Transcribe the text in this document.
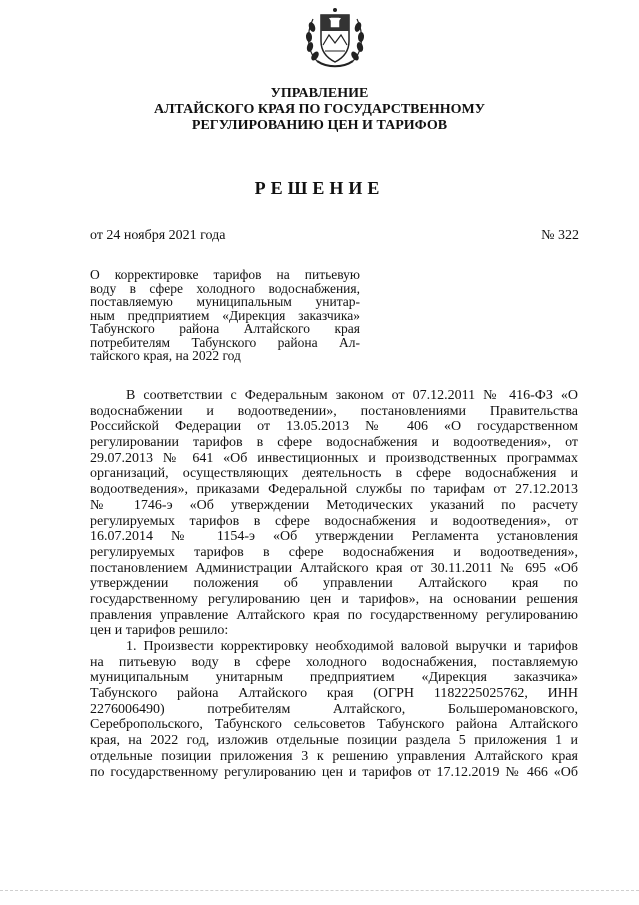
УПРАВЛЕНИЕ
АЛТАЙСКОГО КРАЯ ПО ГОСУДАРСТВЕННОМУ
РЕГУЛИРОВАНИЮ ЦЕН И ТАРИФОВ
РЕШЕНИЕ
от 24 ноября 2021 года	№ 322
О корректировке тарифов на питьевую
воду в сфере холодного водоснабжения,
поставляемую муниципальным унитар-
ным предприятием «Дирекция заказчика»
Табунского района Алтайского края
потребителям Табунского района Ал-
тайского края, на 2022 год
В соответствии с Федеральным законом от 07.12.2011 № 416-ФЗ «О
водоснабжении и водоотведении», постановлениями Правительства
Российской Федерации от 13.05.2013 № 406 «О государственном
регулировании тарифов в сфере водоснабжения и водоотведения», от
29.07.2013 № 641 «Об инвестиционных и производственных программах
организаций, осуществляющих деятельность в сфере водоснабжения и
водоотведения», приказами Федеральной службы по тарифам от 27.12.2013
№ 1746-э «Об утверждении Методических указаний по расчету
регулируемых тарифов в сфере водоснабжения и водоотведения», от
16.07.2014 № 1154-э «Об утверждении Регламента установления
регулируемых тарифов в сфере водоснабжения и водоотведения»,
постановлением Администрации Алтайского края от 30.11.2011 № 695 «Об
утверждении положения об управлении Алтайского края по
государственному регулированию цен и тарифов», на основании решения
правления управление Алтайского края по государственному регулированию
цен и тарифов решило:
1. Произвести корректировку необходимой валовой выручки и тарифов
на питьевую воду в сфере холодного водоснабжения, поставляемую
муниципальным унитарным предприятием «Дирекция заказчика»
Табунского района Алтайского края (ОГРН 1182225025762, ИНН
2276006490) потребителям Алтайского, Большеромановского,
Серебропольского, Табунского сельсоветов Табунского района Алтайского
края, на 2022 год, изложив отдельные позиции раздела 5 приложения 1 и
отдельные позиции приложения 3 к решению управления Алтайского края
по государственному регулированию цен и тарифов от 17.12.2019 № 466 «Об
